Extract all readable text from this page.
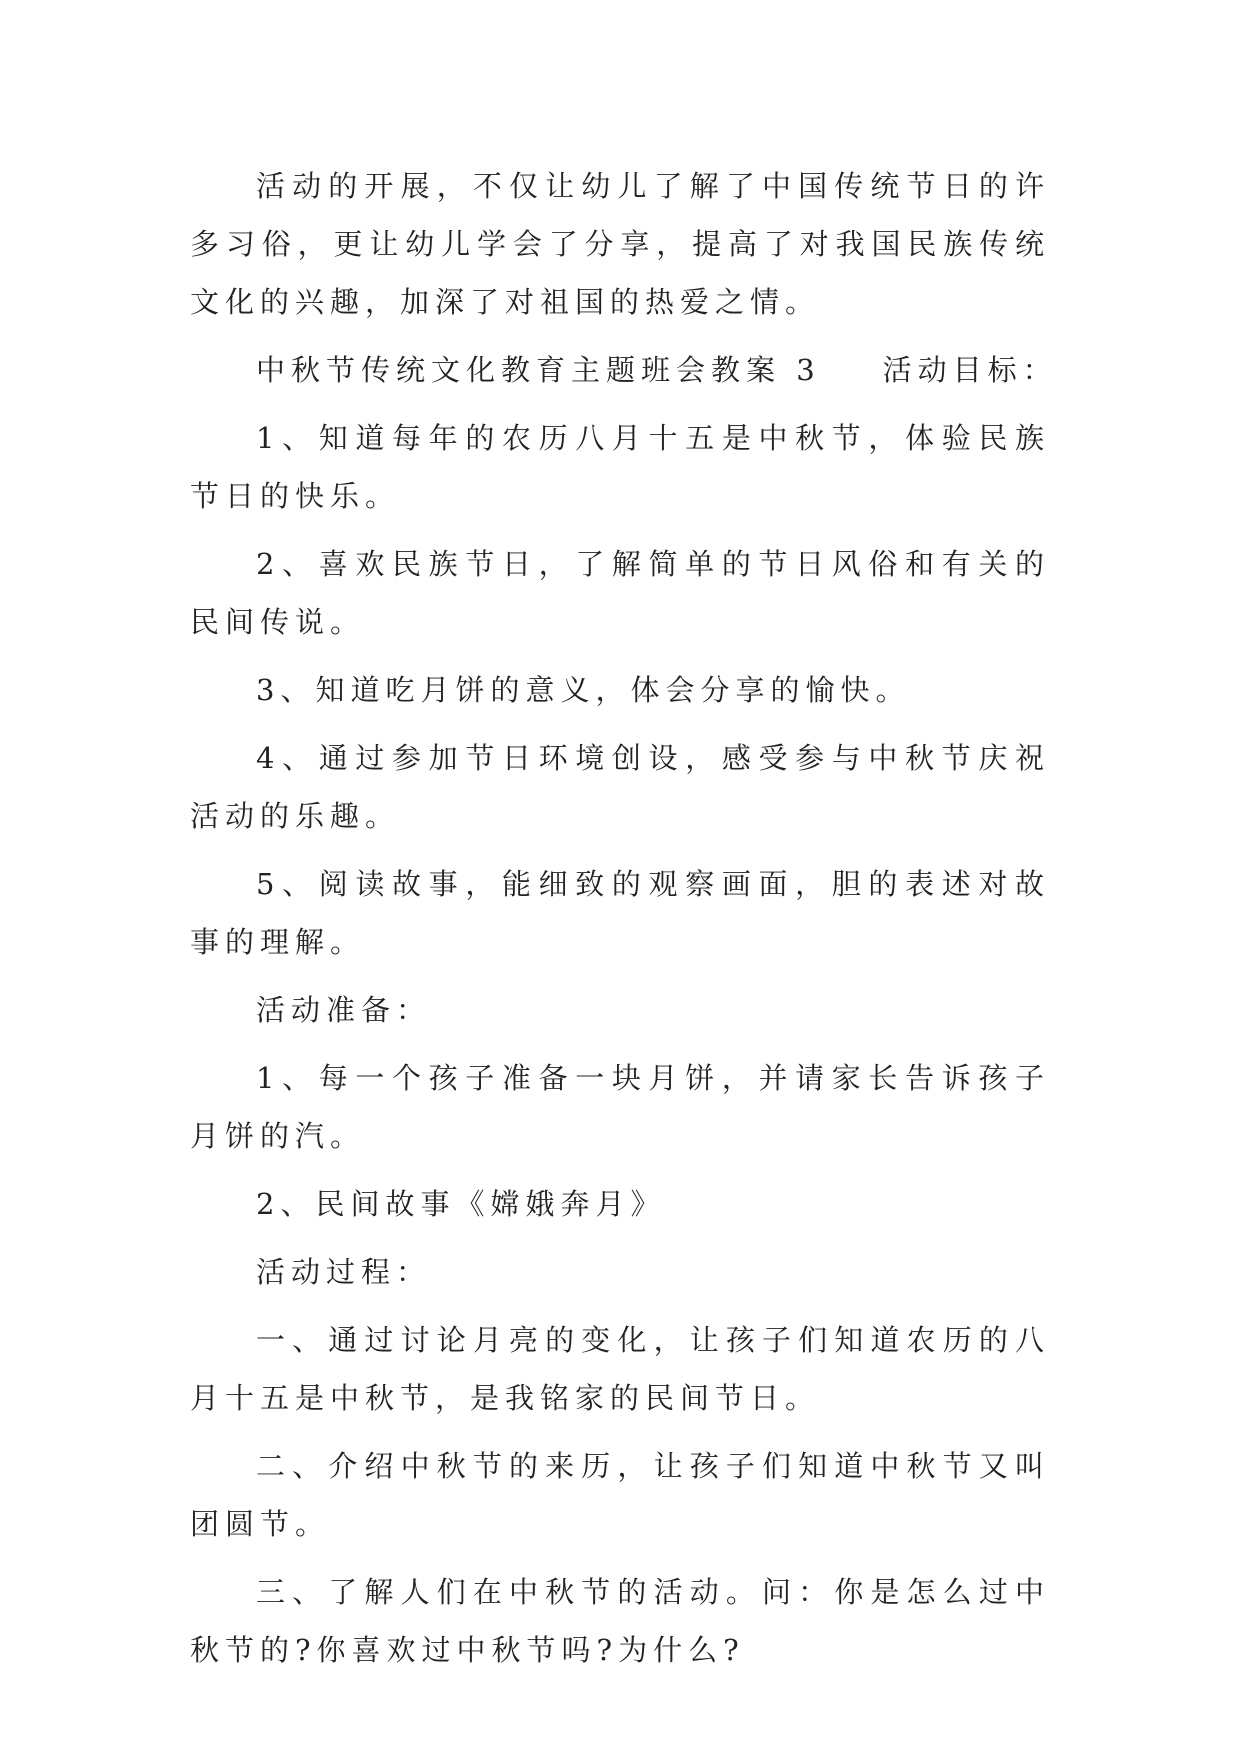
活动的开展，不仅让幼儿了解了中国传统节日的许多习俗，更让幼儿学会了分享，提高了对我国民族传统文化的兴趣，加深了对祖国的热爱之情。

中秋节传统文化教育主题班会教案 3 活动目标：

1、知道每年的农历八月十五是中秋节，体验民族节日的快乐。

2、喜欢民族节日，了解简单的节日风俗和有关的民间传说。

3、知道吃月饼的意义，体会分享的愉快。

4、通过参加节日环境创设，感受参与中秋节庆祝活动的乐趣。

5、阅读故事，能细致的观察画面，胆的表述对故事的理解。

活动准备：

1、每一个孩子准备一块月饼，并请家长告诉孩子月饼的汽。

2、民间故事《嫦娥奔月》

活动过程：

一、通过讨论月亮的变化，让孩子们知道农历的八月十五是中秋节，是我铭家的民间节日。

二、介绍中秋节的来历，让孩子们知道中秋节又叫团圆节。

三、了解人们在中秋节的活动。问：你是怎么过中秋节的?你喜欢过中秋节吗?为什么?
